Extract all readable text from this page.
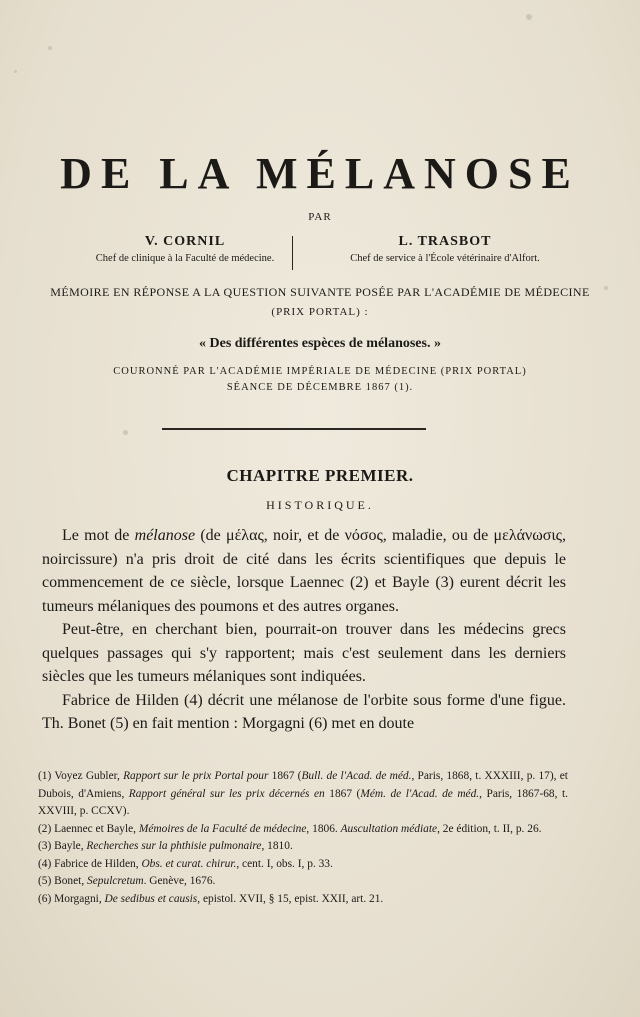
DE LA MÉLANOSE
PAR
V. CORNIL
Chef de clinique à la Faculté de médecine.
L. TRASBOT
Chef de service à l'École vétérinaire d'Alfort.
MÉMOIRE EN RÉPONSE A LA QUESTION SUIVANTE POSÉE PAR L'ACADÉMIE DE MÉDECINE
(PRIX PORTAL) :
« Des différentes espèces de mélanoses. »
COURONNÉ PAR L'ACADÉMIE IMPÉRIALE DE MÉDECINE (PRIX PORTAL)
SÉANCE DE DÉCEMBRE 1867 (1).
CHAPITRE PREMIER.
HISTORIQUE.

Le mot de mélanose (de μέλας, noir, et de νόσος, maladie, ou de μελάνωσις, noircissure) n'a pris droit de cité dans les écrits scientifiques que depuis le commencement de ce siècle, lorsque Laennec (2) et Bayle (3) eurent décrit les tumeurs mélaniques des poumons et des autres organes.

Peut-être, en cherchant bien, pourrait-on trouver dans les médecins grecs quelques passages qui s'y rapportent; mais c'est seulement dans les derniers siècles que les tumeurs mélaniques sont indiquées.

Fabrice de Hilden (4) décrit une mélanose de l'orbite sous forme d'une figue. Th. Bonet (5) en fait mention : Morgagni (6) met en doute

(1) Voyez Gubler, Rapport sur le prix Portal pour 1867 (Bull. de l'Acad. de méd., Paris, 1868, t. XXXIII, p. 17), et Dubois, d'Amiens, Rapport général sur les prix décernés en 1867 (Mém. de l'Acad. de méd., Paris, 1867-68, t. XXVIII, p. CCXV).

(2) Laennec et Bayle, Mémoires de la Faculté de médecine, 1806. Auscultation médiate, 2e édition, t. II, p. 26.

(3) Bayle, Recherches sur la phthisie pulmonaire, 1810.

(4) Fabrice de Hilden, Obs. et curat. chirur., cent. I, obs. I, p. 33.

(5) Bonet, Sepulcretum. Genève, 1676.

(6) Morgagni, De sedibus et causis, epistol. XVII, § 15, epist. XXII, art. 21.
